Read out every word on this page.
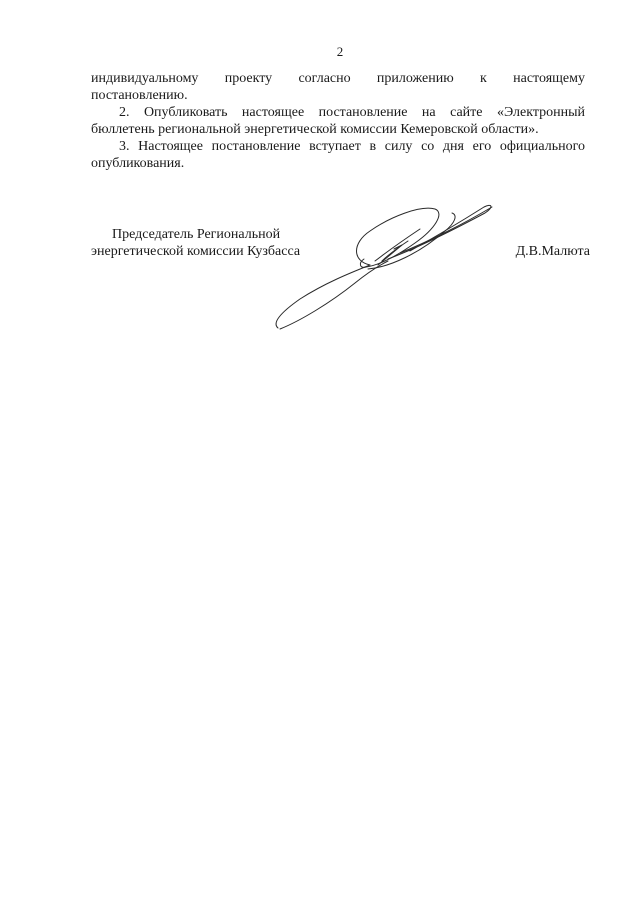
2

индивидуальному проекту согласно приложению к настоящему

постановлению.

2. Опубликовать настоящее постановление на сайте «Электронный бюллетень региональной энергетической комиссии Кемеровской области».

3. Настоящее постановление вступает в силу со дня его официального опубликования.

Председатель Региональной
энергетической комиссии Кузбасса	Д.В.Малюта
